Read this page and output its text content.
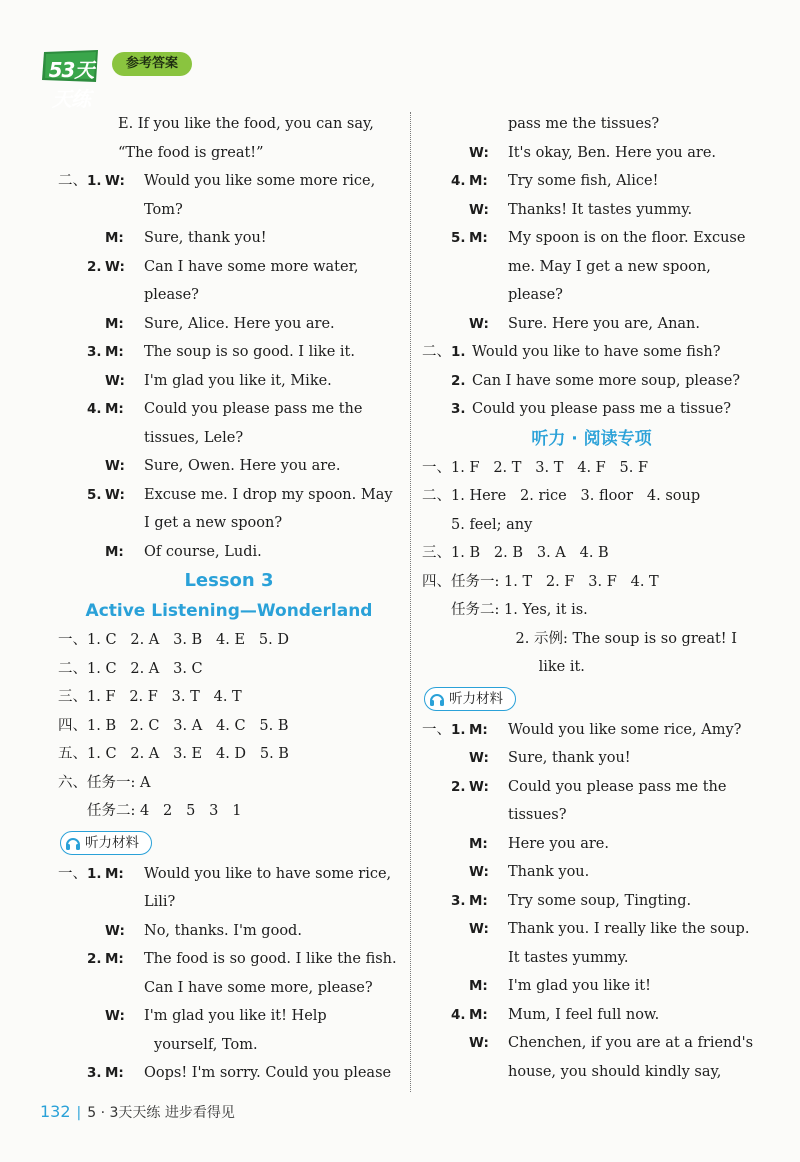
53天天练
参考答案
E. If you like the food, you can say,
“The food is great!”
二、 1. W: Would you like some more rice,
Tom?
M: Sure, thank you!
2. W: Can I have some more water,
please?
M: Sure, Alice. Here you are.
3. M: The soup is so good. I like it.
W: I'm glad you like it, Mike.
4. M: Could you please pass me the
tissues, Lele?
W: Sure, Owen. Here you are.
5. W: Excuse me. I drop my spoon. May
I get a new spoon?
M: Of course, Ludi.
Lesson 3
Active Listening—Wonderland
一、 1. C   2. A   3. B   4. E   5. D
二、 1. C   2. A   3. C
三、 1. F   2. F   3. T   4. T
四、 1. B   2. C   3. A   4. C   5. B
五、 1. C   2. A   3. E   4. D   5. B
六、 任务一: A
任务二: 4   2   5   3   1
听力材料
一、 1. M: Would you like to have some rice,
Lili?
W: No, thanks. I'm good.
2. M: The food is so good. I like the fish.
Can I have some more, please?
W: I'm glad you like it! Help
yourself, Tom.
3. M: Oops! I'm sorry. Could you please
pass me the tissues?
W: It's okay, Ben. Here you are.
4. M: Try some fish, Alice!
W: Thanks! It tastes yummy.
5. M: My spoon is on the floor. Excuse
me. May I get a new spoon,
please?
W: Sure. Here you are, Anan.
二、 1. Would you like to have some fish?
2. Can I have some more soup, please?
3. Could you please pass me a tissue?
听力 · 阅读专项
一、 1. F   2. T   3. T   4. F   5. F
二、 1. Here   2. rice   3. floor   4. soup
5. feel; any
三、 1. B   2. B   3. A   4. B
四、 任务一: 1. T   2. F   3. F   4. T
任务二: 1. Yes, it is.
2. 示例: The soup is so great! I
like it.
听力材料
一、 1. M: Would you like some rice, Amy?
W: Sure, thank you!
2. W: Could you please pass me the
tissues?
M: Here you are.
W: Thank you.
3. M: Try some soup, Tingting.
W: Thank you. I really like the soup.
It tastes yummy.
M: I'm glad you like it!
4. M: Mum, I feel full now.
W: Chenchen, if you are at a friend's
house, you should kindly say,
132 | 5 · 3天天练 进步看得见
